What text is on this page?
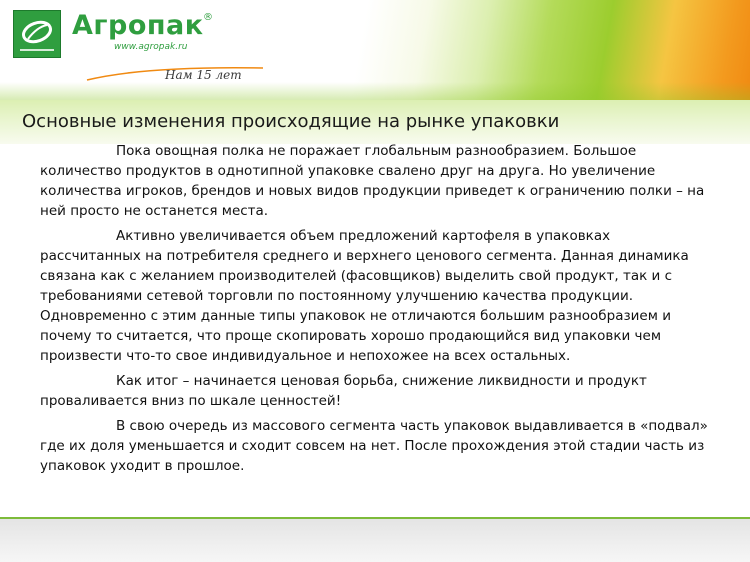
Агропак ®
www.agropak.ru
Нам 15 лет
Основные изменения происходящие на рынке упаковки

Пока овощная полка не поражает глобальным разнообразием. Большое количество продуктов в однотипной упаковке свалено друг на друга. Но увеличение количества игроков, брендов и новых видов продукции приведет к ограничению полки – на ней просто не останется места.

Активно увеличивается объем предложений картофеля в упаковках рассчитанных на потребителя среднего и верхнего ценового сегмента. Данная динамика связана как с желанием производителей (фасовщиков) выделить свой продукт, так и с требованиями сетевой торговли по постоянному улучшению качества продукции. Одновременно с этим данные типы упаковок не отличаются большим разнообразием и почему то считается, что проще скопировать хорошо продающийся вид упаковки чем произвести что-то свое индивидуальное и непохожее на всех остальных.

Как итог – начинается ценовая борьба, снижение ликвидности и продукт проваливается вниз по шкале ценностей!

В свою очередь из массового сегмента часть упаковок выдавливается в «подвал» где их доля уменьшается и сходит совсем на нет. После прохождения этой стадии часть из упаковок уходит в прошлое.
